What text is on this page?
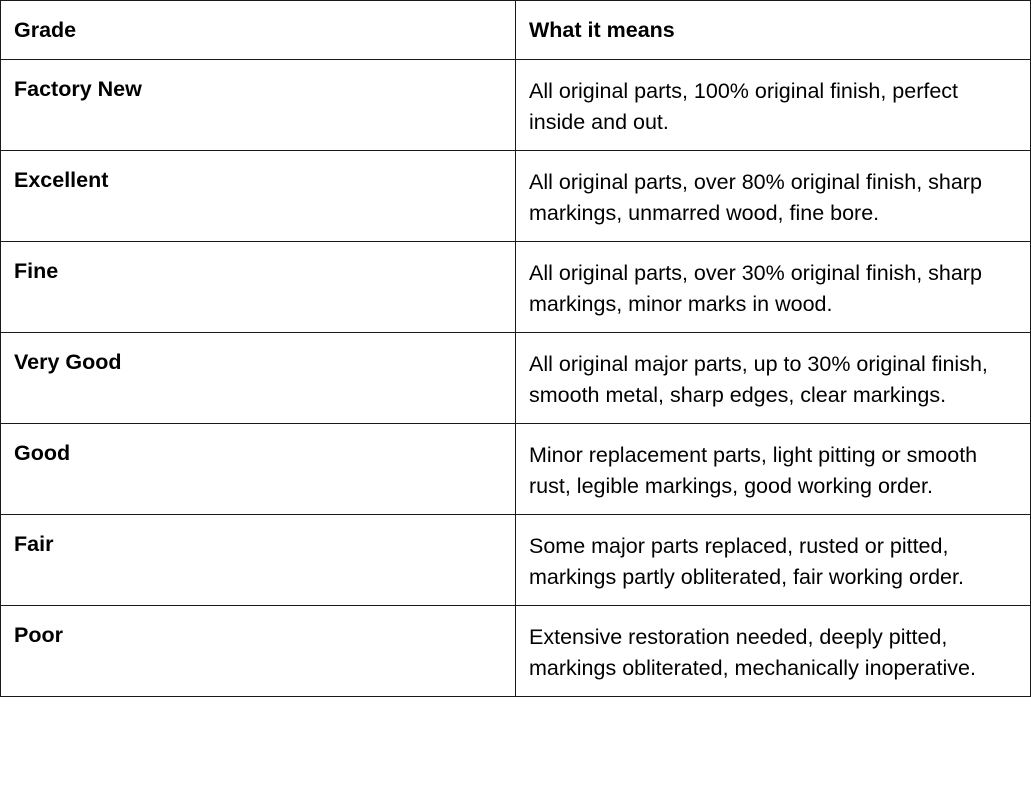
Grade	What it means
Factory New	All original parts, 100% original finish, perfect inside and out.
Excellent	All original parts, over 80% original finish, sharp markings, unmarred wood, fine bore.
Fine	All original parts, over 30% original finish, sharp markings, minor marks in wood.
Very Good	All original major parts, up to 30% original finish, smooth metal, sharp edges, clear markings.
Good	Minor replacement parts, light pitting or smooth rust, legible markings, good working order.
Fair	Some major parts replaced, rusted or pitted, markings partly obliterated, fair working order.
Poor	Extensive restoration needed, deeply pitted, markings obliterated, mechanically inoperative.
